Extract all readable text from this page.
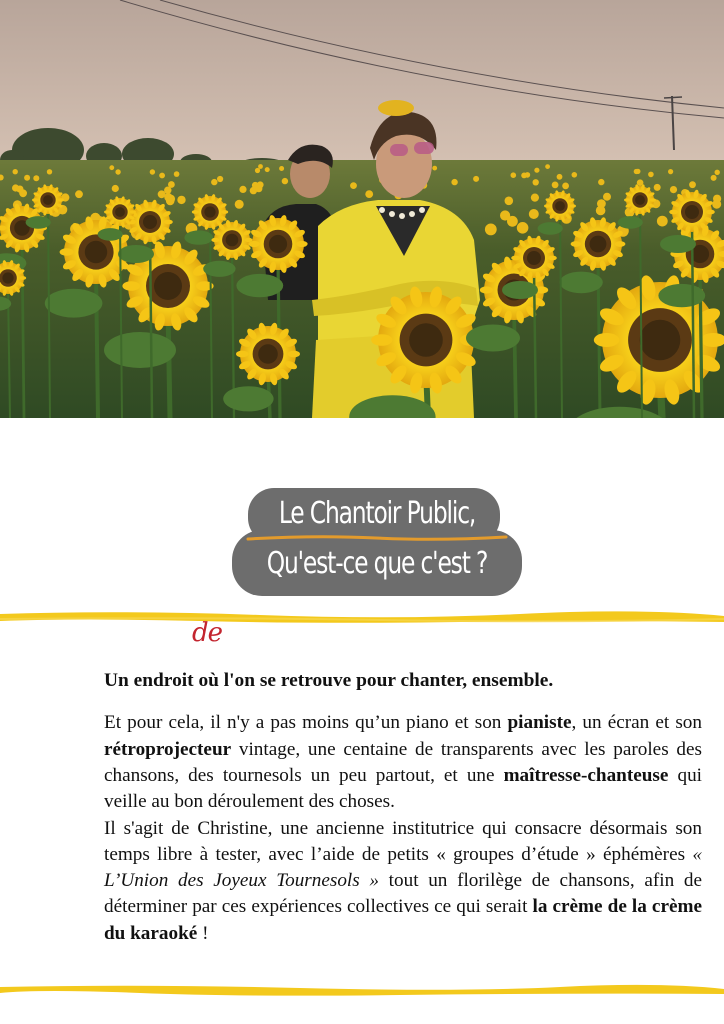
Le Chantoir Public,
Qu'est-ce que c'est ?
de

Un endroit où l'on se retrouve pour chanter, ensemble.

Et pour cela, il n'y a pas moins qu’un piano et son pianiste, un écran et son rétroprojecteur vintage, une centaine de transparents avec les paroles des chansons, des tournesols un peu partout, et une maîtresse-chanteuse qui veille au bon déroulement des choses.

Il s'agit de Christine, une ancienne institutrice qui consacre désormais son temps libre à tester, avec l’aide de petits « groupes d’étude » éphémères « L’Union des Joyeux Tournesols » tout un florilège de chansons, afin de déterminer par ces expériences collectives ce qui serait la crème de la crème du karaoké !
